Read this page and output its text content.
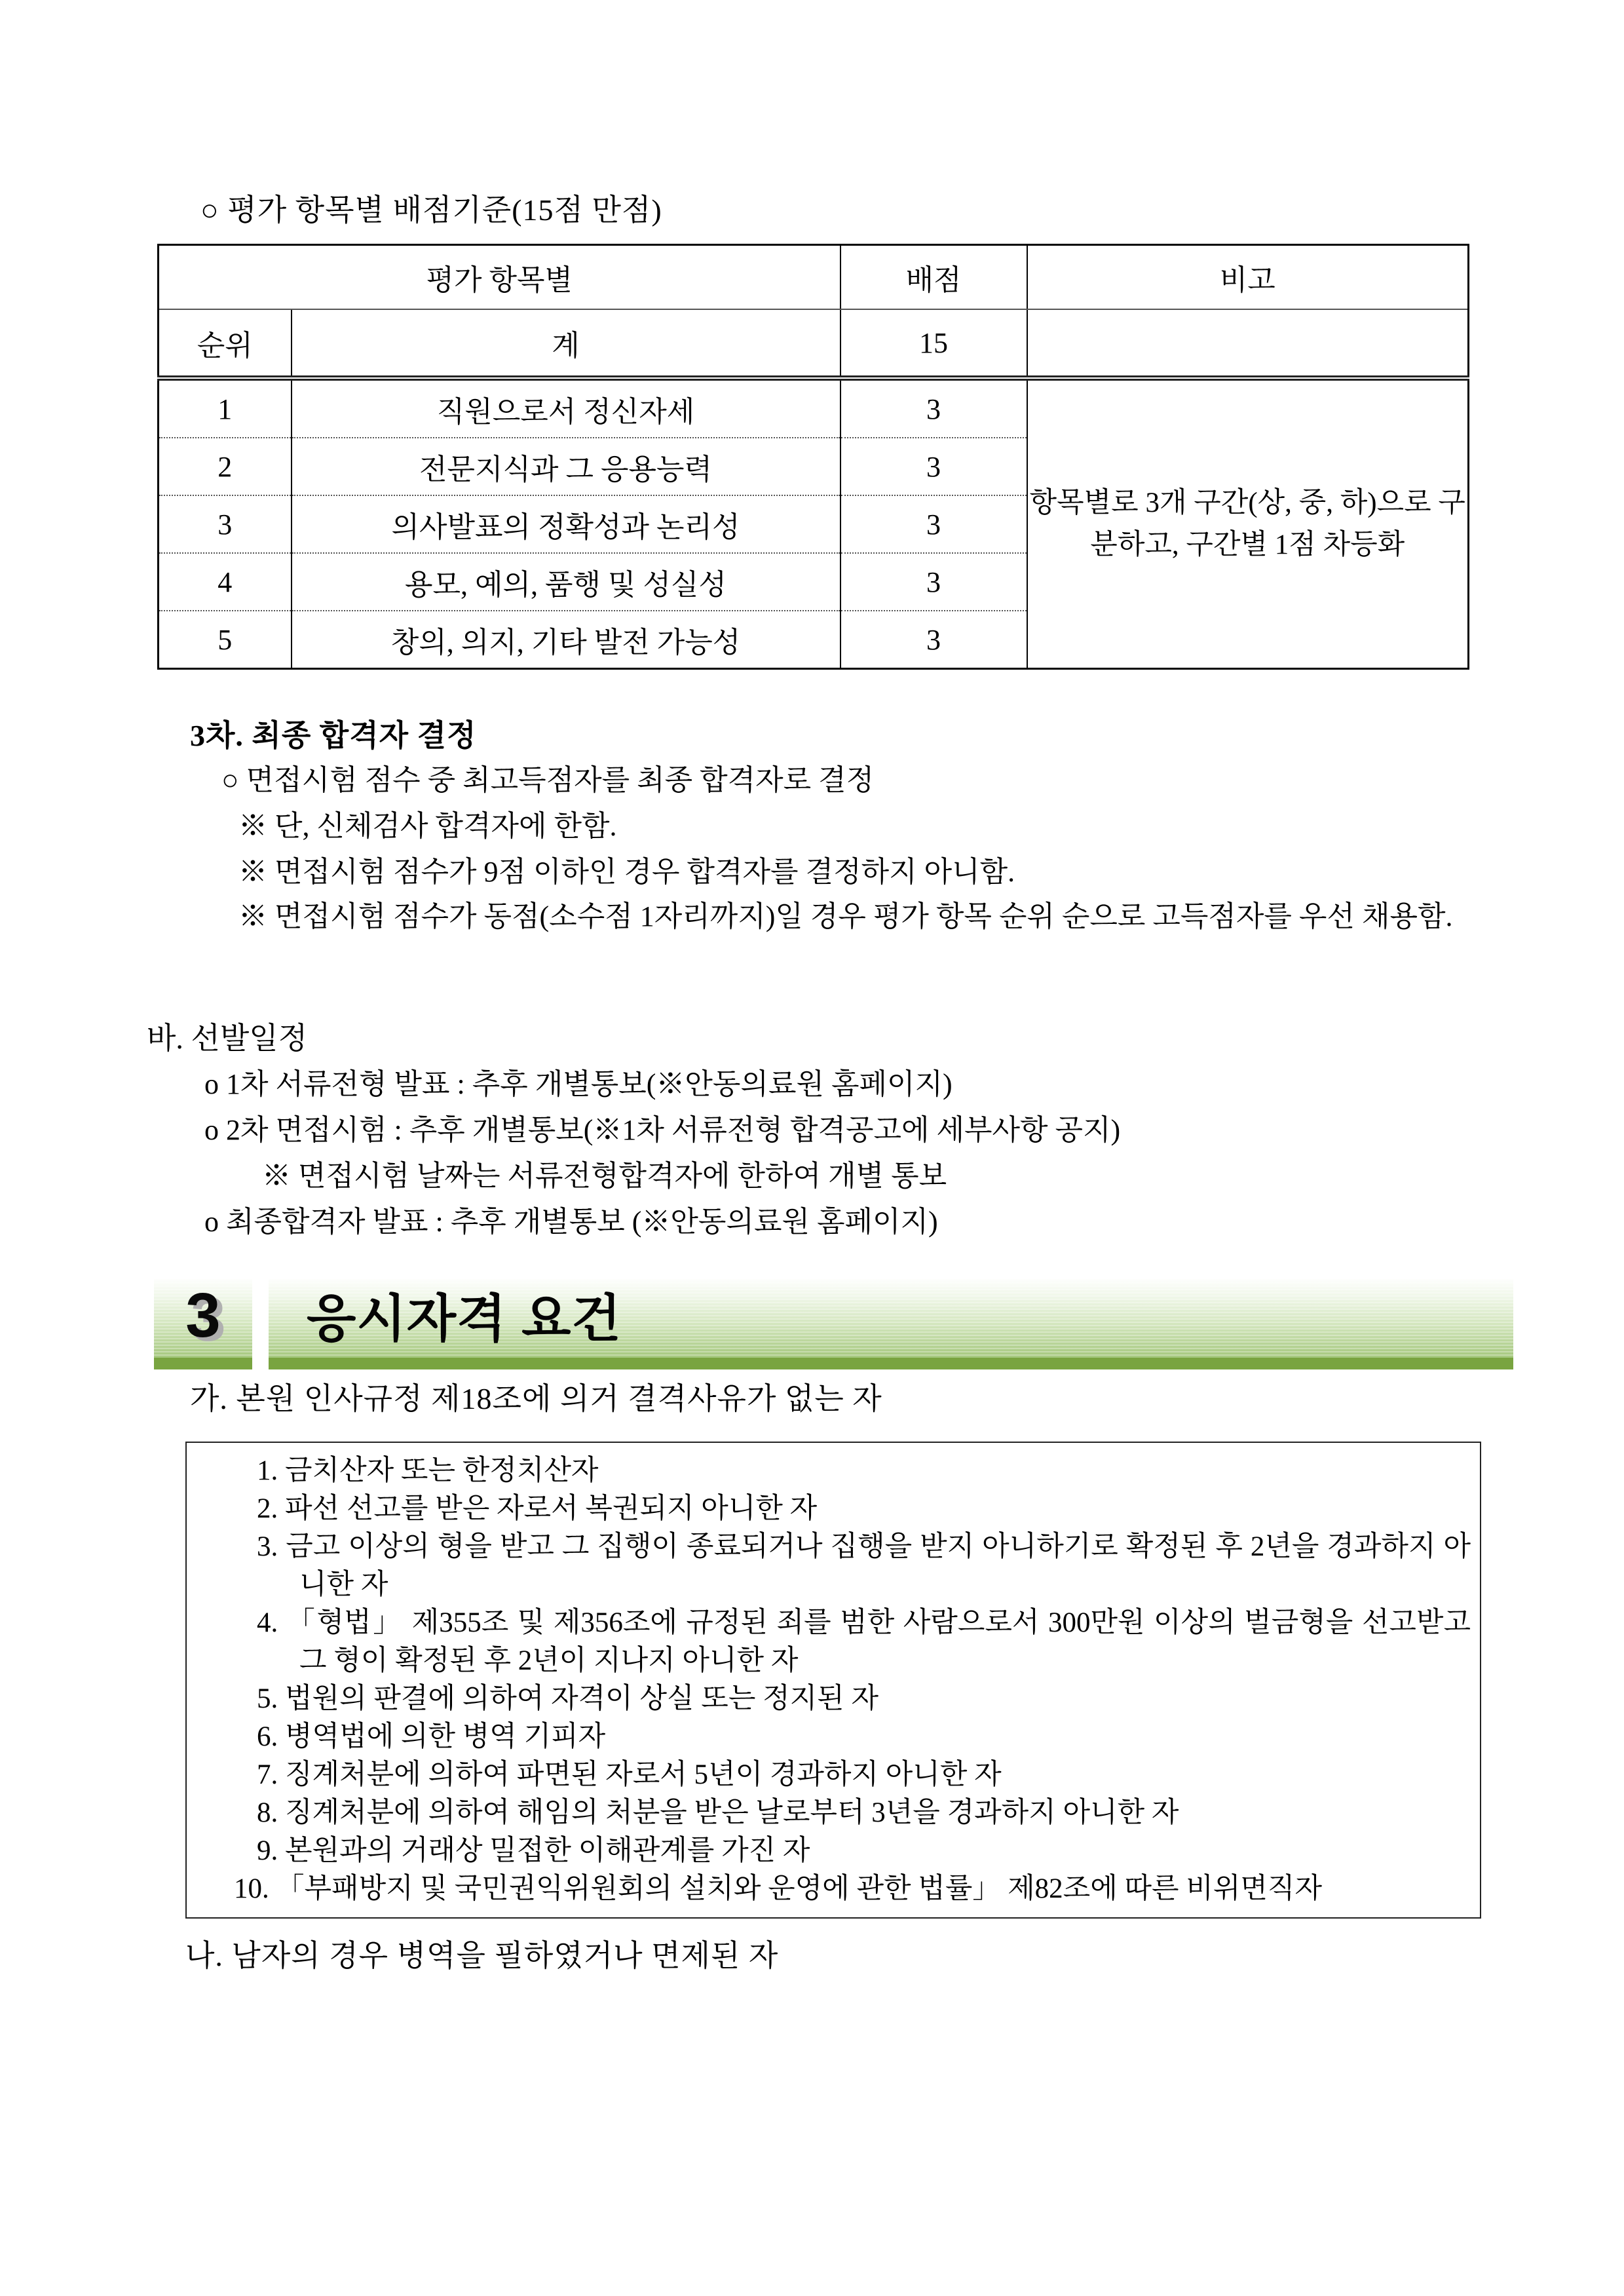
○ 평가 항목별 배점기준(15점 만점)
평가 항목별		배점	비고
순위	계	15	
1	직원으로서 정신자세	3	항목별로 3개 구간(상, 중, 하)으로 구분하고, 구간별 1점 차등화
2	전문지식과 그 응용능력	3	
3	의사발표의 정확성과 논리성	3	
4	용모, 예의, 품행 및 성실성	3	
5	창의, 의지, 기타 발전 가능성	3	
3차. 최종 합격자 결정
○ 면접시험 점수 중 최고득점자를 최종 합격자로 결정
※ 단, 신체검사 합격자에 한함.
※ 면접시험 점수가 9점 이하인 경우 합격자를 결정하지 아니함.
※ 면접시험 점수가 동점(소수점 1자리까지)일 경우 평가 항목 순위 순으로 고득점자를 우선 채용함.
바. 선발일정
o 1차 서류전형 발표 : 추후 개별통보(※안동의료원 홈페이지)
o 2차 면접시험 : 추후 개별통보(※1차 서류전형 합격공고에 세부사항 공지)
※ 면접시험 날짜는 서류전형합격자에 한하여 개별 통보
o 최종합격자 발표 : 추후 개별통보 (※안동의료원 홈페이지)
3	응시자격 요건
가. 본원 인사규정 제18조에 의거 결격사유가 없는 자
1. 금치산자 또는 한정치산자
2. 파선 선고를 받은 자로서 복권되지 아니한 자
3. 금고 이상의 형을 받고 그 집행이 종료되거나 집행을 받지 아니하기로 확정된 후 2년을 경과하지 아니한 자
4. 「형법」 제355조 및 제356조에 규정된 죄를 범한 사람으로서 300만원 이상의 벌금형을 선고받고 그 형이 확정된 후 2년이 지나지 아니한 자
5. 법원의 판결에 의하여 자격이 상실 또는 정지된 자
6. 병역법에 의한 병역 기피자
7. 징계처분에 의하여 파면된 자로서 5년이 경과하지 아니한 자
8. 징계처분에 의하여 해임의 처분을 받은 날로부터 3년을 경과하지 아니한 자
9. 본원과의 거래상 밀접한 이해관계를 가진 자
10. 「부패방지 및 국민권익위원회의 설치와 운영에 관한 법률」 제82조에 따른 비위면직자
나. 남자의 경우 병역을 필하였거나 면제된 자
